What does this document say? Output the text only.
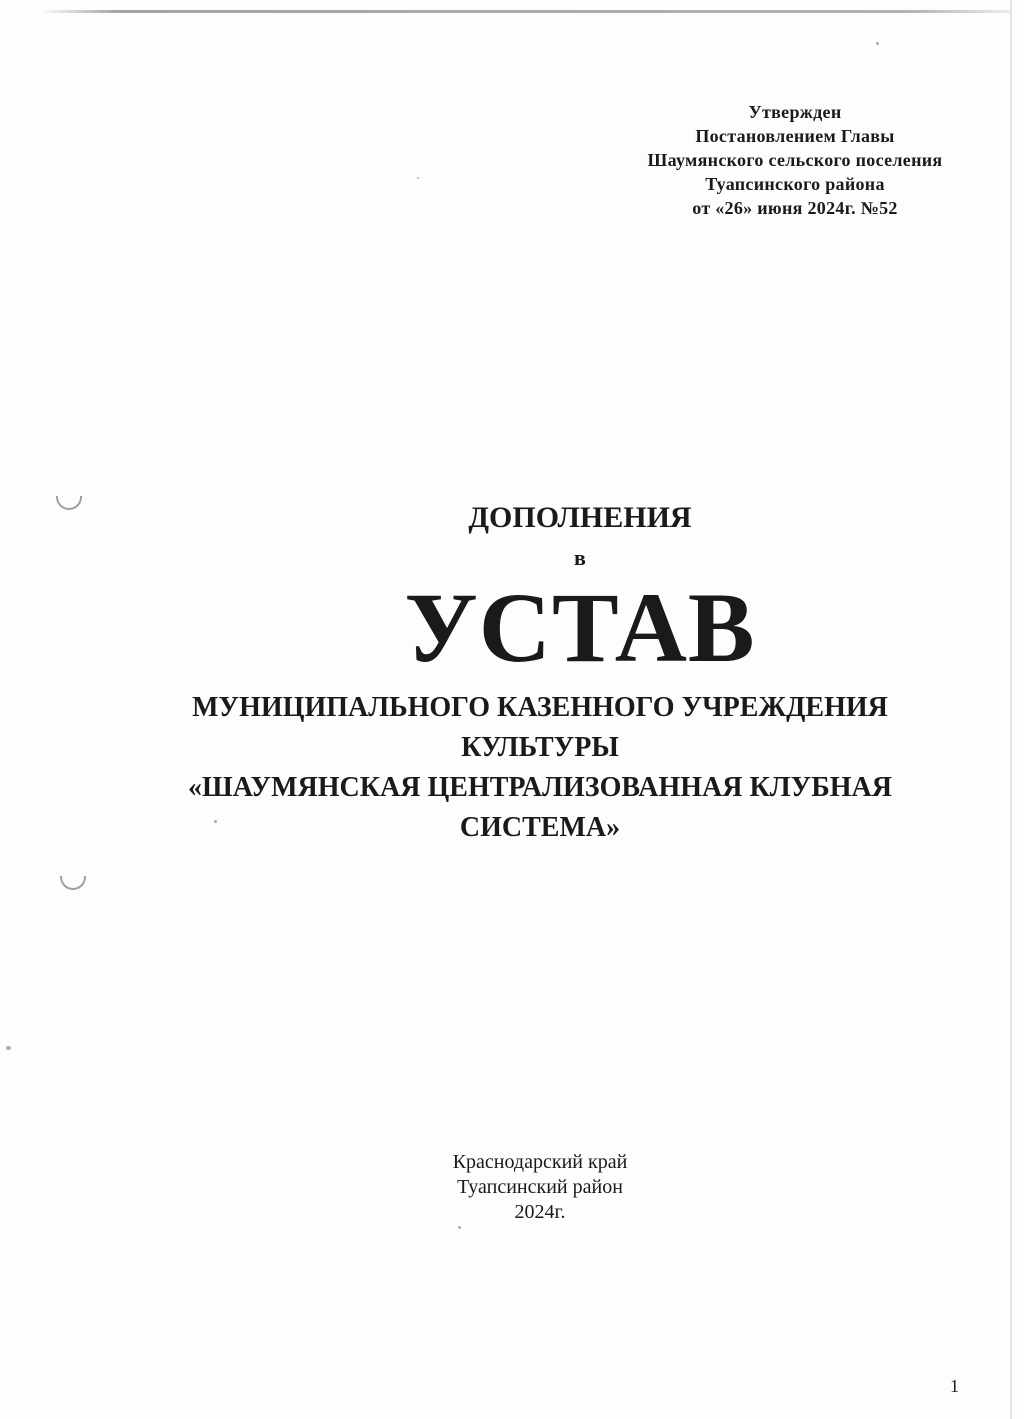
Утвержден
Постановлением Главы
Шаумянского сельского поселения
Туапсинского района
от «26» июня 2024г. №52
ДОПОЛНЕНИЯ
в
УСТАВ
МУНИЦИПАЛЬНОГО КАЗЕННОГО УЧРЕЖДЕНИЯ
КУЛЬТУРЫ
«ШАУМЯНСКАЯ ЦЕНТРАЛИЗОВАННАЯ КЛУБНАЯ
СИСТЕМА»
Краснодарский край
Туапсинский район
2024г.
1
